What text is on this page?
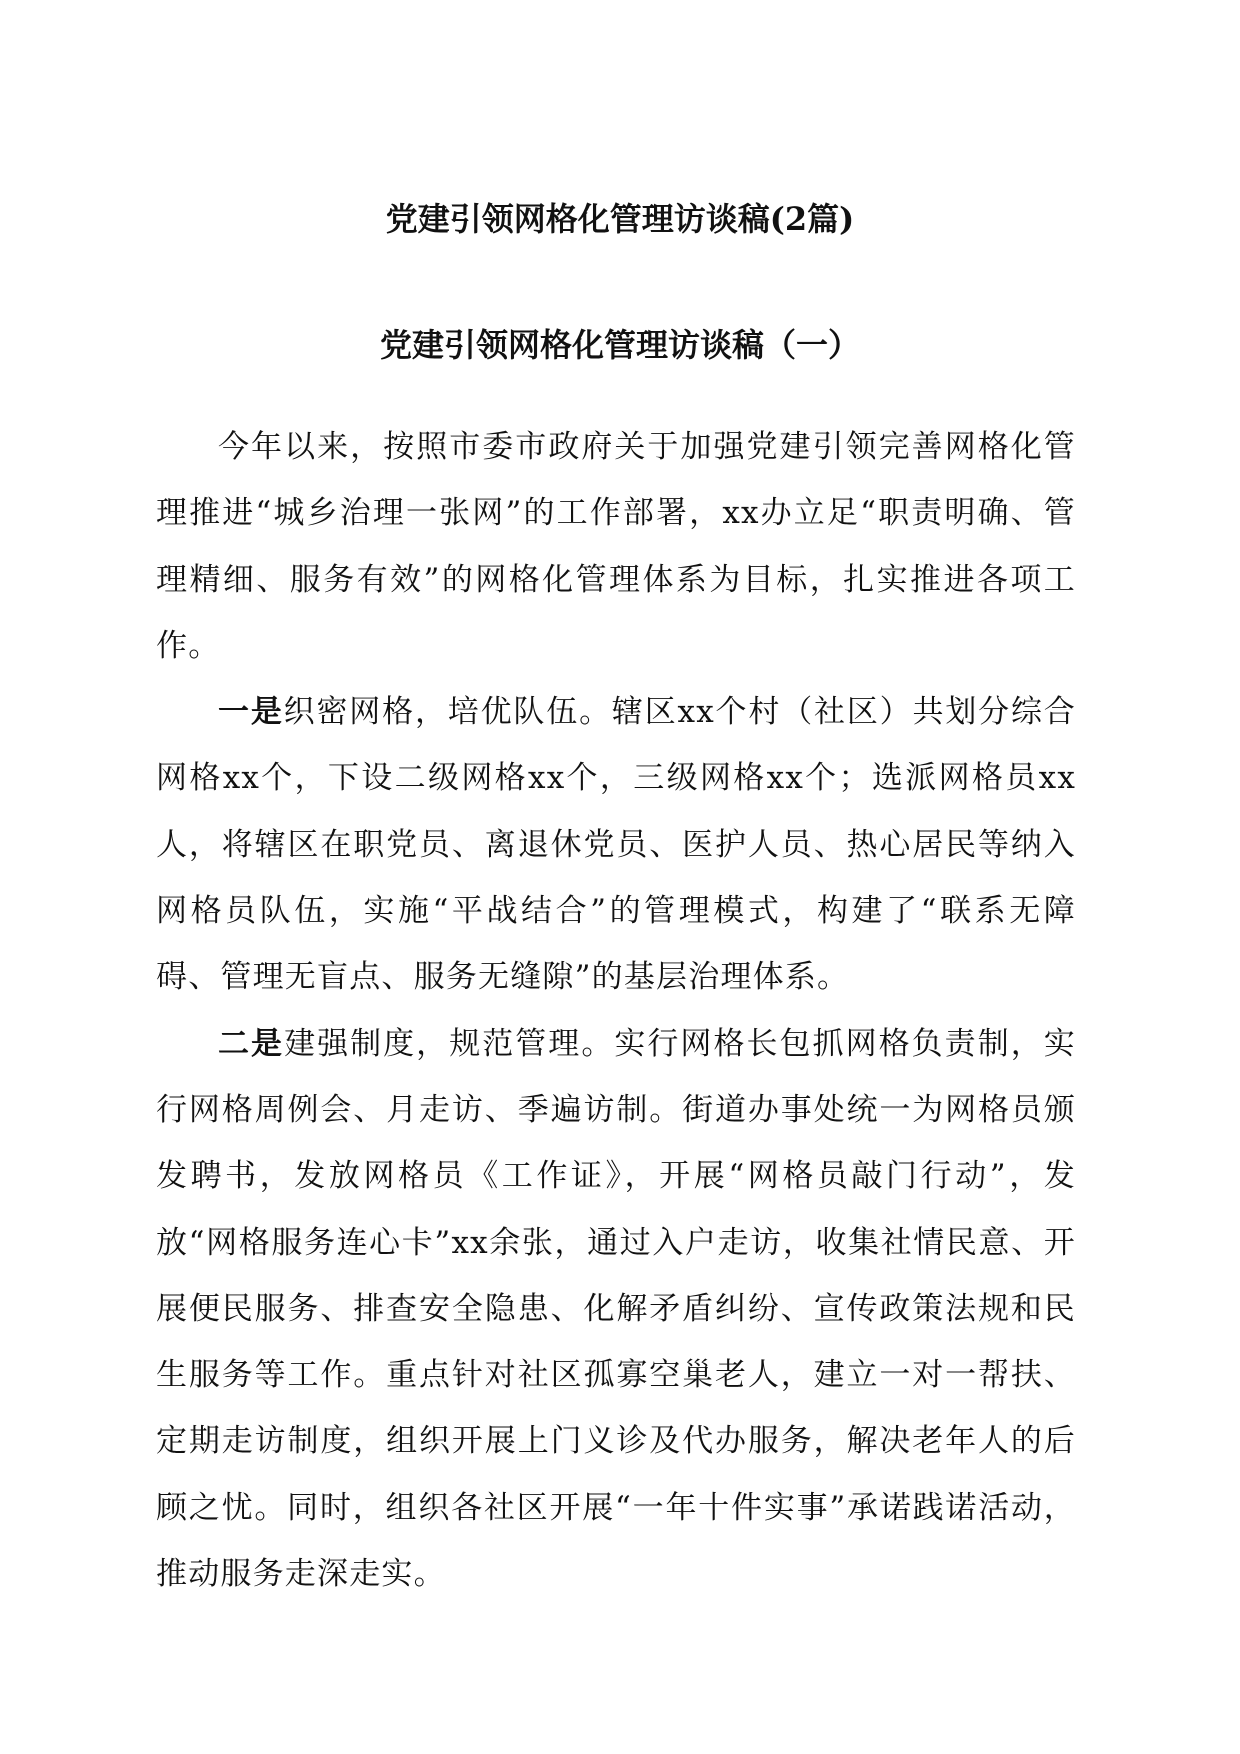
党建引领网格化管理访谈稿(2篇)
党建引领网格化管理访谈稿（一）

今年以来，按照市委市政府关于加强党建引领完善网格化管理推进“城乡治理一张网”的工作部署，xx办立足“职责明确、管理精细、服务有效”的网格化管理体系为目标，扎实推进各项工作。

一是织密网格，培优队伍。辖区xx个村（社区）共划分综合网格xx个，下设二级网格xx个，三级网格xx个；选派网格员xx人，将辖区在职党员、离退休党员、医护人员、热心居民等纳入网格员队伍，实施“平战结合”的管理模式，构建了“联系无障碍、管理无盲点、服务无缝隙”的基层治理体系。

二是建强制度，规范管理。实行网格长包抓网格负责制，实行网格周例会、月走访、季遍访制。街道办事处统一为网格员颁发聘书，发放网格员《工作证》，开展“网格员敲门行动”，发放“网格服务连心卡”xx余张，通过入户走访，收集社情民意、开展便民服务、排查安全隐患、化解矛盾纠纷、宣传政策法规和民生服务等工作。重点针对社区孤寡空巢老人，建立一对一帮扶、定期走访制度，组织开展上门义诊及代办服务，解决老年人的后顾之忧。同时，组织各社区开展“一年十件实事”承诺践诺活动，推动服务走深走实。
